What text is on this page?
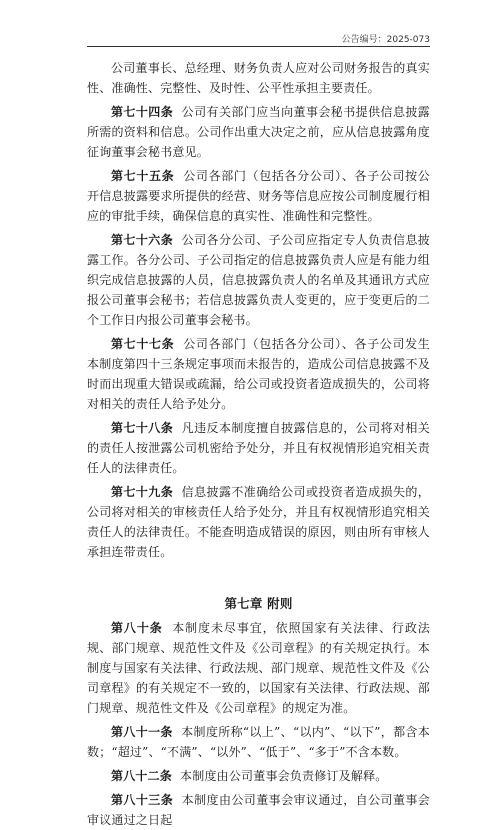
公告编号：2025-073

公司董事长、总经理、财务负责人应对公司财务报告的真实性、准确性、完整性、及时性、公平性承担主要责任。

第七十四条 公司有关部门应当向董事会秘书提供信息披露所需的资料和信息。公司作出重大决定之前，应从信息披露角度征询董事会秘书意见。

第七十五条 公司各部门（包括各分公司）、各子公司按公开信息披露要求所提供的经营、财务等信息应按公司制度履行相应的审批手续，确保信息的真实性、准确性和完整性。

第七十六条 公司各分公司、子公司应指定专人负责信息披露工作。各分公司、子公司指定的信息披露负责人应是有能力组织完成信息披露的人员，信息披露负责人的名单及其通讯方式应报公司董事会秘书；若信息披露负责人变更的，应于变更后的二个工作日内报公司董事会秘书。

第七十七条 公司各部门（包括各分公司）、各子公司发生本制度第四十三条规定事项而未报告的，造成公司信息披露不及时而出现重大错误或疏漏，给公司或投资者造成损失的，公司将对相关的责任人给予处分。

第七十八条 凡违反本制度擅自披露信息的，公司将对相关的责任人按泄露公司机密给予处分，并且有权视情形追究相关责任人的法律责任。

第七十九条 信息披露不准确给公司或投资者造成损失的，公司将对相关的审核责任人给予处分，并且有权视情形追究相关责任人的法律责任。不能查明造成错误的原因，则由所有审核人承担连带责任。

第七章 附则

第八十条 本制度未尽事宜，依照国家有关法律、行政法规、部门规章、规范性文件及《公司章程》的有关规定执行。本制度与国家有关法律、行政法规、部门规章、规范性文件及《公司章程》的有关规定不一致的，以国家有关法律、行政法规、部门规章、规范性文件及《公司章程》的规定为准。

第八十一条 本制度所称“以上”、“以内”、“以下”，都含本数；“超过”、“不满”、“以外”、“低于”、“多于”不含本数。

第八十二条 本制度由公司董事会负责修订及解释。

第八十三条 本制度由公司董事会审议通过，自公司董事会审议通过之日起
